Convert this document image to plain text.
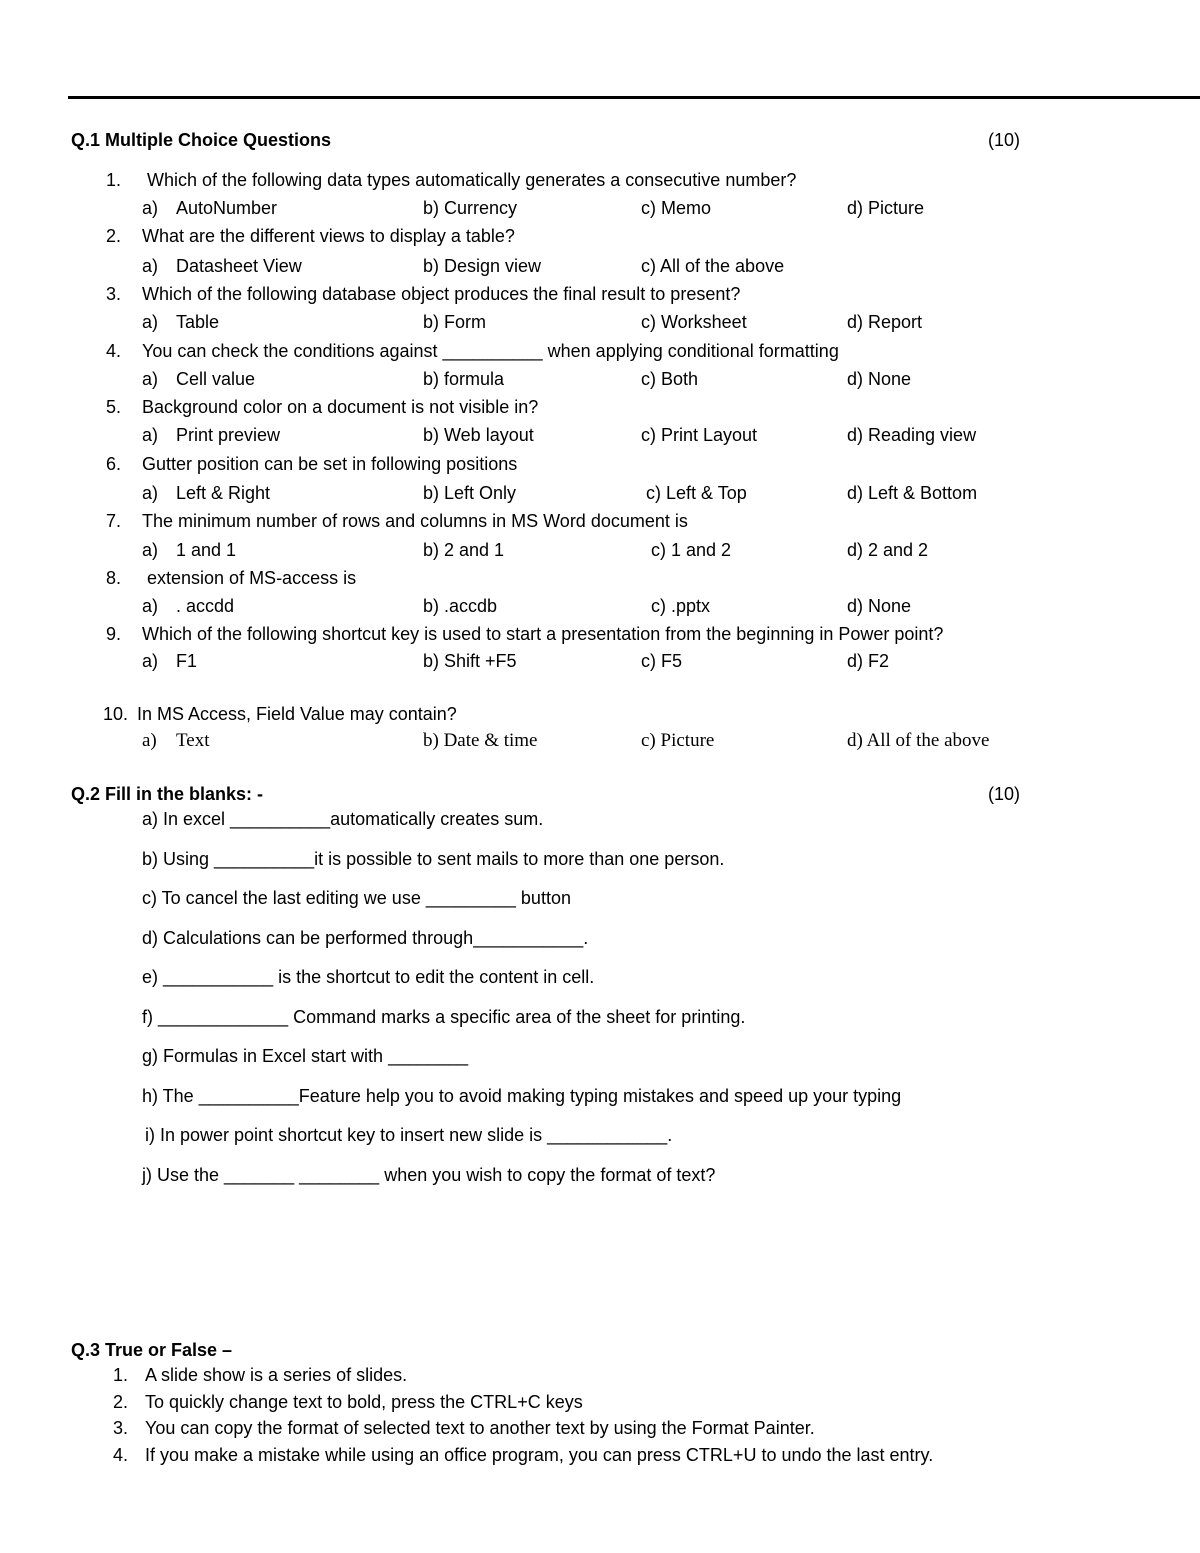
Q.1 Multiple Choice Questions	(10)
1. Which of the following data types automatically generates a consecutive number?
a) AutoNumber	b) Currency	c) Memo	d) Picture
2. What are the different views to display a table?
a) Datasheet View	b) Design view	c) All of the above
3. Which of the following database object produces the final result to present?
a) Table	b) Form	c) Worksheet	d) Report
4. You can check the conditions against __________ when applying conditional formatting
a) Cell value	b) formula	c) Both	d) None
5. Background color on a document is not visible in?
a) Print preview	b) Web layout	c) Print Layout	d) Reading view
6. Gutter position can be set in following positions
a) Left & Right	b) Left Only	c) Left & Top	d) Left & Bottom
7. The minimum number of rows and columns in MS Word document is
a) 1 and 1	b) 2 and 1	c) 1 and 2	d) 2 and 2
8. extension of MS-access is
a) . accdd	b) .accdb	c) .pptx	d) None
9. Which of the following shortcut key is used to start a presentation from the beginning in Power point?
a) F1	b) Shift +F5	c) F5	d) F2
10. In MS Access, Field Value may contain?
a) Text	b) Date & time	c) Picture	d) All of the above
Q.2 Fill in the blanks: -	(10)
a) In excel __________automatically creates sum.
b) Using __________it is possible to sent mails to more than one person.
c) To cancel the last editing we use _________ button
d) Calculations can be performed through___________.
e) ___________ is the shortcut to edit the content in cell.
f) _____________ Command marks a specific area of the sheet for printing.
g) Formulas in Excel start with ________
h) The __________Feature help you to avoid making typing mistakes and speed up your typing
i) In power point shortcut key to insert new slide is ____________.
j) Use the _______ ________ when you wish to copy the format of text?
Q.3 True or False –
1. A slide show is a series of slides.
2. To quickly change text to bold, press the CTRL+C keys
3. You can copy the format of selected text to another text by using the Format Painter.
4. If you make a mistake while using an office program, you can press CTRL+U to undo the last entry.
